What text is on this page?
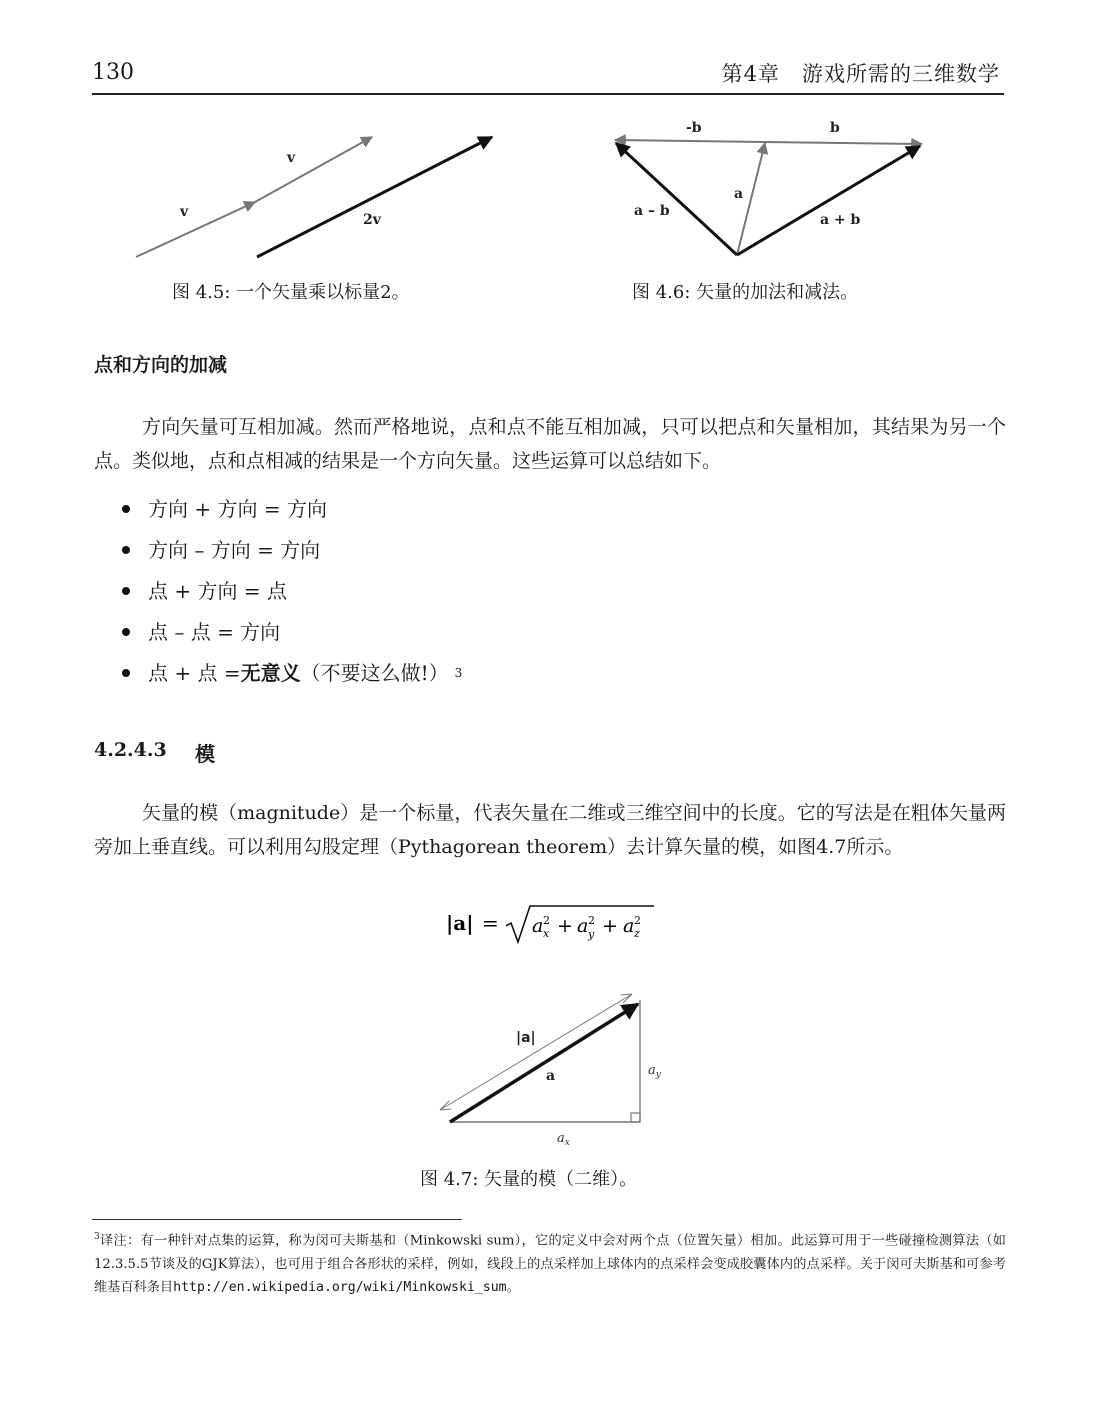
130	第4章　游戏所需的三维数学
v
v
2v
图 4.5: 一个矢量乘以标量2。
-b	b
a
a – b
a + b
图 4.6: 矢量的加法和减法。
点和方向的加减
方向矢量可互相加减。然而严格地说，点和点不能互相加减，只可以把点和矢量相加，其结果为另一个点。类似地，点和点相减的结果是一个方向矢量。这些运算可以总结如下。
方向 + 方向 = 方向
方向 – 方向 = 方向
点 + 方向 = 点
点 – 点 = 方向
点 + 点 = 无意义 （不要这么做!） 3
4.2.4.3 模
矢量的模（magnitude）是一个标量，代表矢量在二维或三维空间中的长度。它的写法是在粗体矢量两旁加上垂直线。可以利用勾股定理（Pythagorean theorem）去计算矢量的模，如图4.7所示。
|a| = a 2
x + a 2
y + a 2
z
|a|
a	$a_y$
$a_x$
图 4.7: 矢量的模（二维）。
$^3$译注：有一种针对点集的运算，称为闵可夫斯基和（Minkowski sum），它的定义中会对两个点（位置矢量）相加。此运算可用于一些碰撞检测算法（如12.3.5.5节谈及的GJK算法），也可用于组合各形状的采样，例如，线段上的点采样加上球体内的点采样会变成胶囊体内的点采样。关于闵可夫斯基和可参考维基百科条目http://en.wikipedia.org/wiki/Minkowski_sum。
